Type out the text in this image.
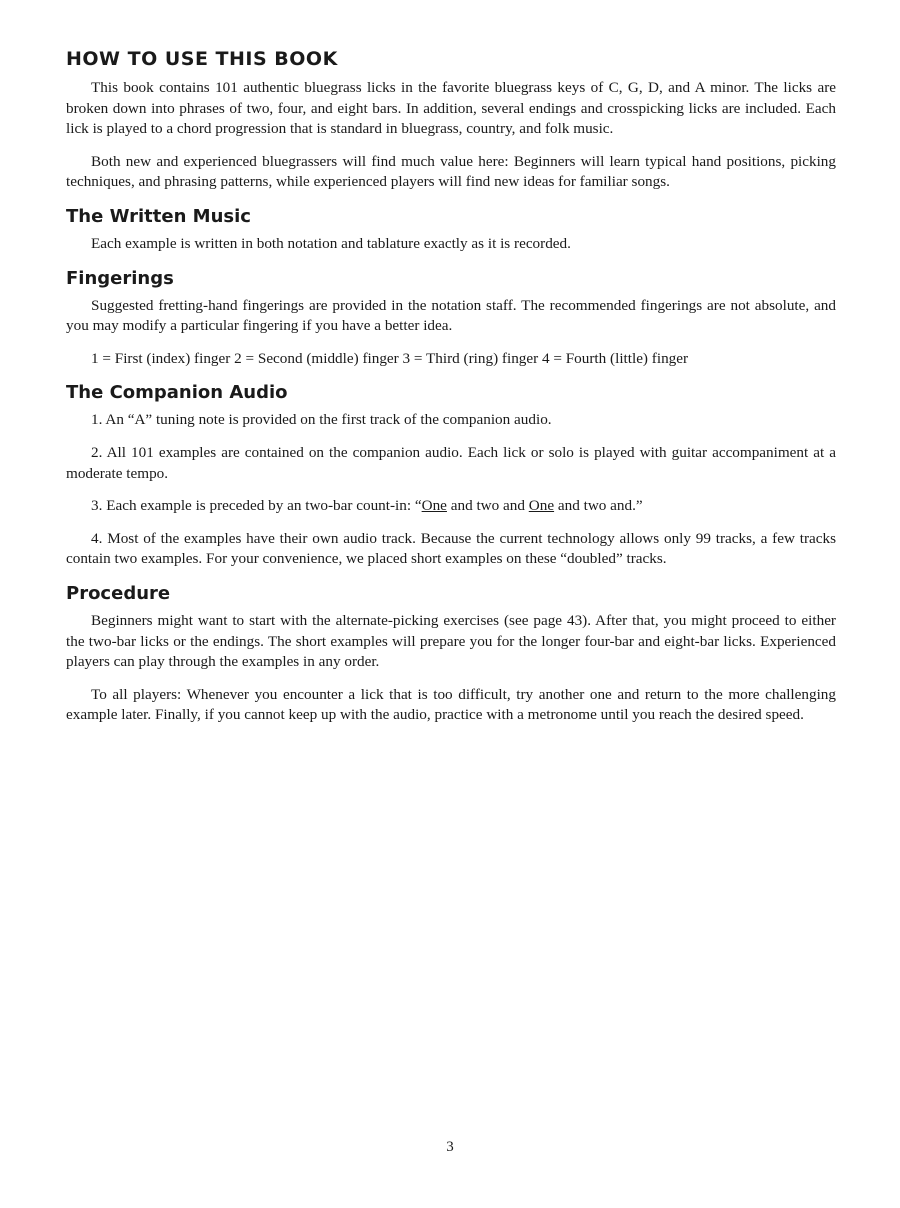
HOW TO USE THIS BOOK

This book contains 101 authentic bluegrass licks in the favorite bluegrass keys of C, G, D, and A minor. The licks are broken down into phrases of two, four, and eight bars. In addition, several endings and crosspicking licks are included. Each lick is played to a chord progression that is standard in bluegrass, country, and folk music.

Both new and experienced bluegrassers will find much value here: Beginners will learn typical hand positions, picking techniques, and phrasing patterns, while experienced players will find new ideas for familiar songs.

The Written Music

Each example is written in both notation and tablature exactly as it is recorded.

Fingerings

Suggested fretting-hand fingerings are provided in the notation staff. The recommended fingerings are not absolute, and you may modify a particular fingering if you have a better idea.

1 = First (index) finger 2 = Second (middle) finger 3 = Third (ring) finger 4 = Fourth (little) finger

The Companion Audio

1. An “A” tuning note is provided on the first track of the companion audio.

2. All 101 examples are contained on the companion audio. Each lick or solo is played with guitar accompaniment at a moderate tempo.

3. Each example is preceded by an two-bar count-in: “One and two and One and two and.”

4. Most of the examples have their own audio track. Because the current technology allows only 99 tracks, a few tracks contain two examples. For your convenience, we placed short examples on these “doubled” tracks.

Procedure

Beginners might want to start with the alternate-picking exercises (see page 43). After that, you might proceed to either the two-bar licks or the endings. The short examples will prepare you for the longer four-bar and eight-bar licks. Experienced players can play through the examples in any order.

To all players: Whenever you encounter a lick that is too difficult, try another one and return to the more challenging example later. Finally, if you cannot keep up with the audio, practice with a metronome until you reach the desired speed.

3
